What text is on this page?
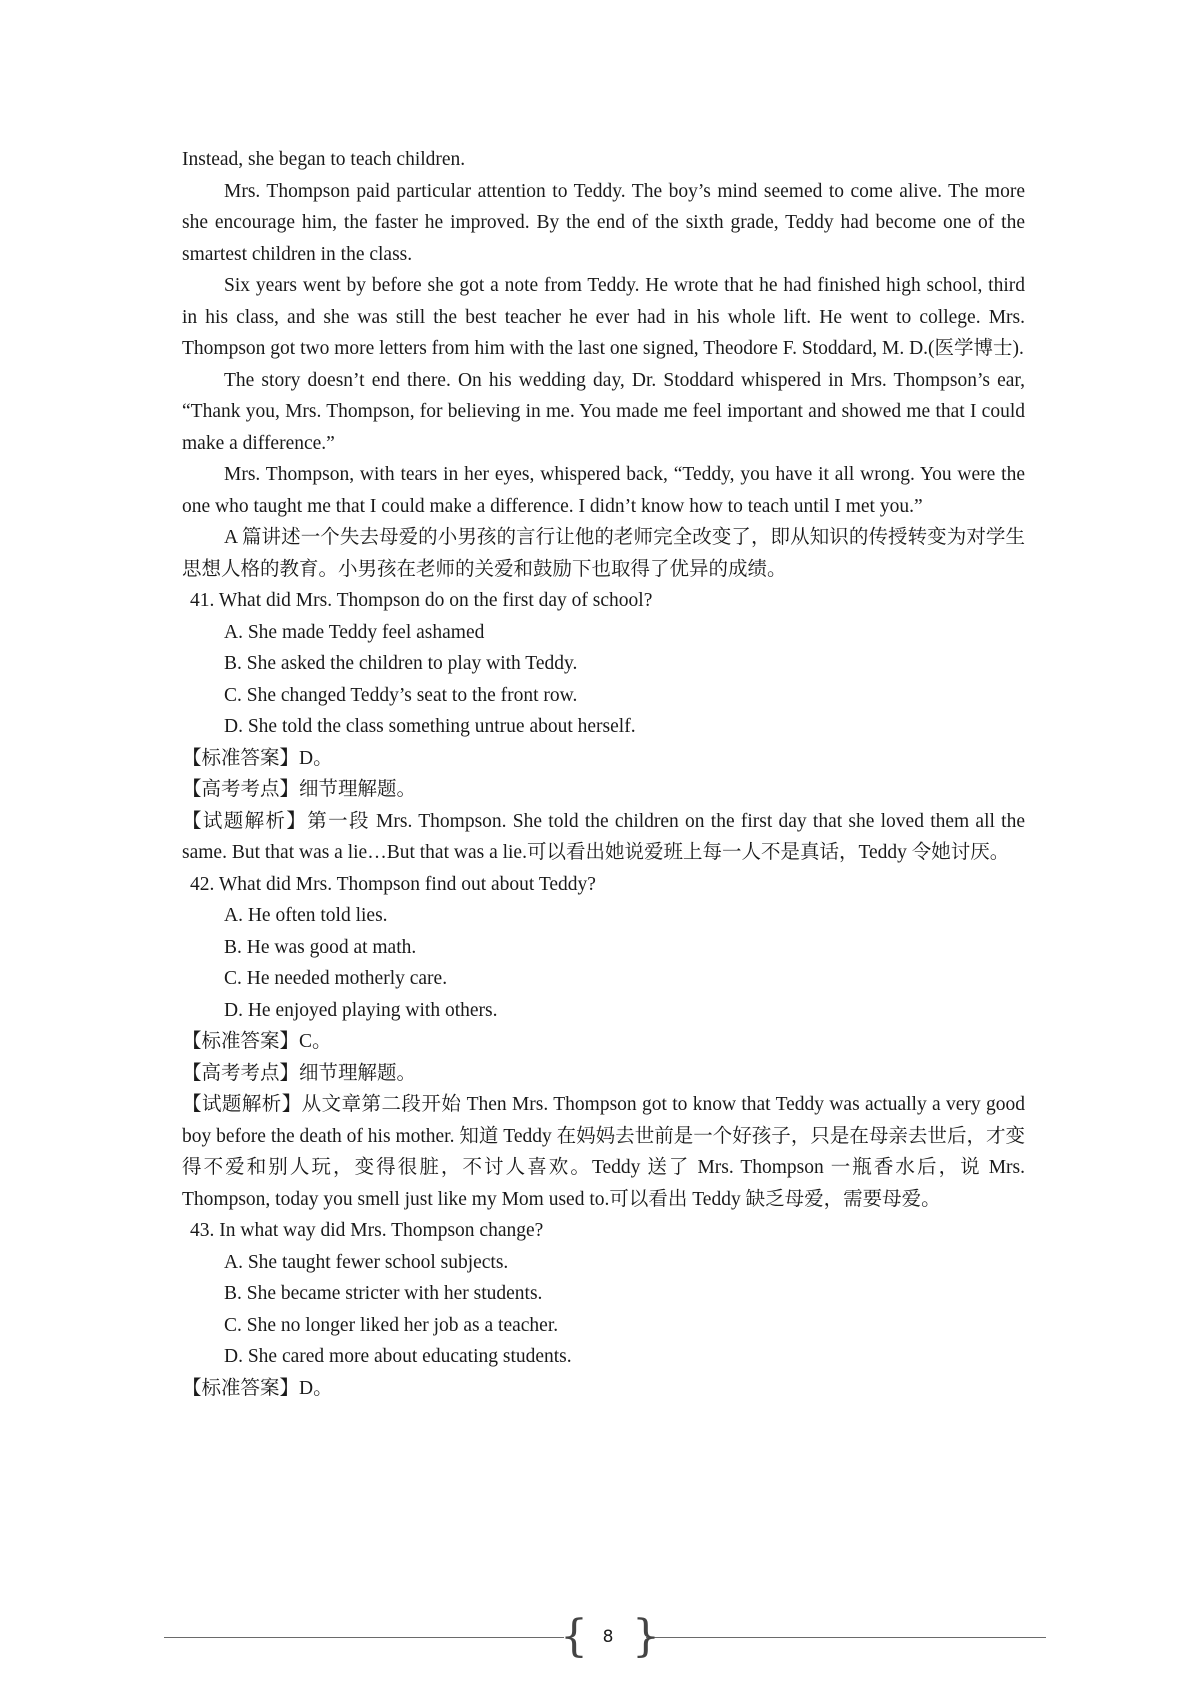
Instead, she began to teach children.

Mrs. Thompson paid particular attention to Teddy. The boy’s mind seemed to come alive. The more she encourage him, the faster he improved. By the end of the sixth grade, Teddy had become one of the smartest children in the class.

Six years went by before she got a note from Teddy. He wrote that he had finished high school, third in his class, and she was still the best teacher he ever had in his whole lift. He went to college. Mrs. Thompson got two more letters from him with the last one signed, Theodore F. Stoddard, M. D.(医学博士).

The story doesn’t end there. On his wedding day, Dr. Stoddard whispered in Mrs. Thompson’s ear, “Thank you, Mrs. Thompson, for believing in me. You made me feel important and showed me that I could make a difference.”

Mrs. Thompson, with tears in her eyes, whispered back, “Teddy, you have it all wrong. You were the one who taught me that I could make a difference. I didn’t know how to teach until I met you.”

A 篇讲述一个失去母爱的小男孩的言行让他的老师完全改变了，即从知识的传授转变为对学生思想人格的教育。小男孩在老师的关爱和鼓励下也取得了优异的成绩。

41. What did Mrs. Thompson do on the first day of school?

A. She made Teddy feel ashamed

B. She asked the children to play with Teddy.

C. She changed Teddy’s seat to the front row.

D. She told the class something untrue about herself.

【标准答案】D。

【高考考点】细节理解题。

【试题解析】第一段 Mrs. Thompson. She told the children on the first day that she loved them all the same. But that was a lie…But that was a lie.可以看出她说爱班上每一人不是真话，Teddy 令她讨厌。

42. What did Mrs. Thompson find out about Teddy?

A. He often told lies.

B. He was good at math.

C. He needed motherly care.

D. He enjoyed playing with others.

【标准答案】C。

【高考考点】细节理解题。

【试题解析】从文章第二段开始 Then Mrs. Thompson got to know that Teddy was actually a very good boy before the death of his mother. 知道 Teddy 在妈妈去世前是一个好孩子，只是在母亲去世后，才变得不爱和别人玩，变得很脏，不讨人喜欢。Teddy 送了 Mrs. Thompson 一瓶香水后，说 Mrs. Thompson, today you smell just like my Mom used to.可以看出 Teddy 缺乏母爱，需要母爱。

43. In what way did Mrs. Thompson change?

A. She taught fewer school subjects.

B. She became stricter with her students.

C. She no longer liked her job as a teacher.

D. She cared more about educating students.

【标准答案】D。

{ 8 }
